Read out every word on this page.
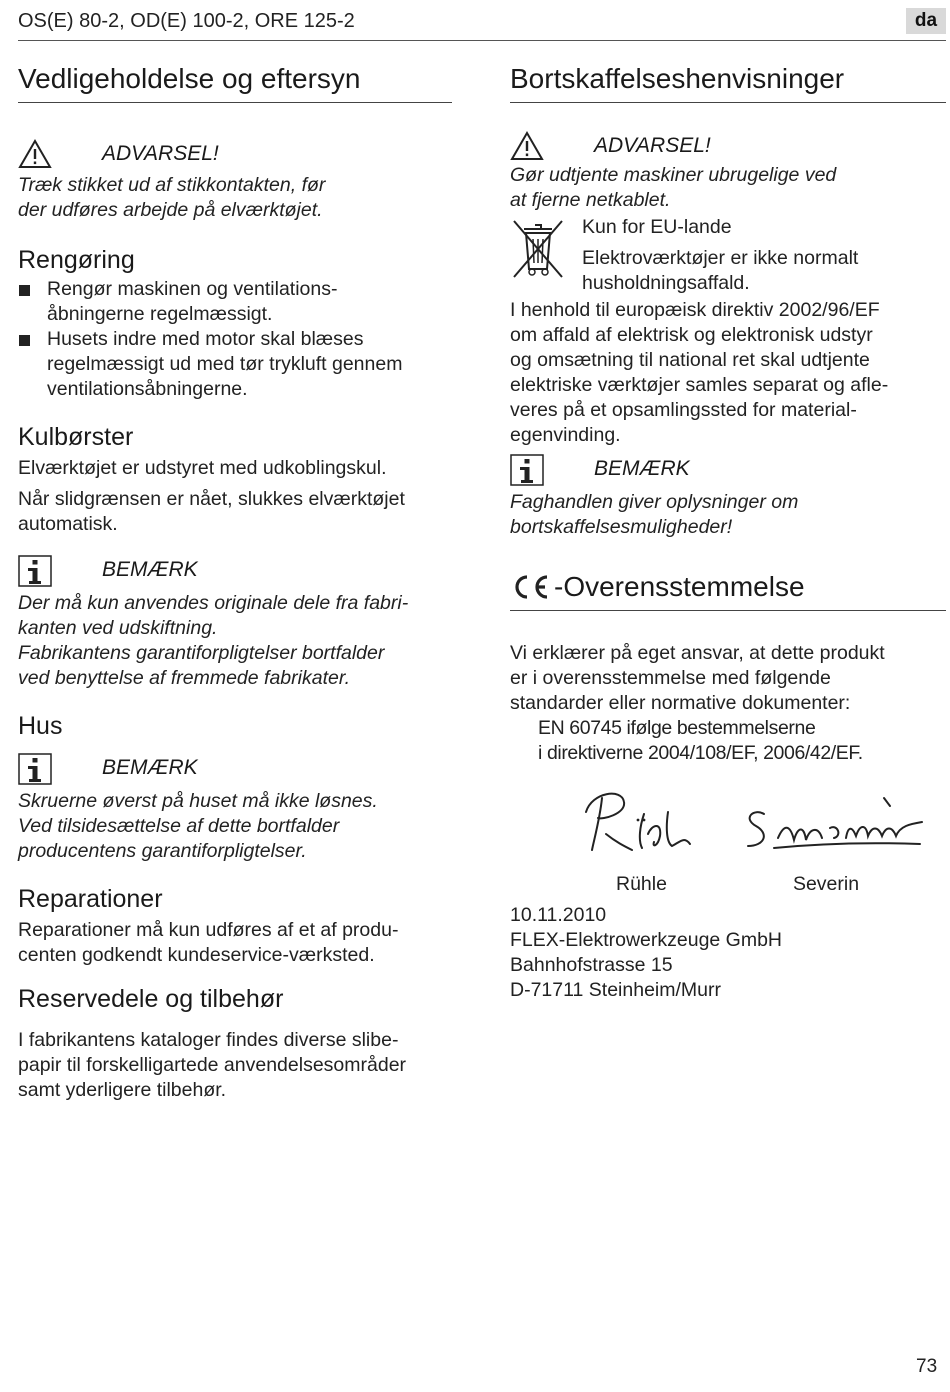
OS(E) 80-2, OD(E) 100-2, ORE 125-2	da
Vedligeholdelse og eftersyn
ADVARSEL!

Træk stikket ud af stikkontakten, før

der udføres arbejde på elværktøjet.

Rengøring
Rengør maskinen og ventilations-
åbningerne regelmæssigt.
Husets indre med motor skal blæses
regelmæssigt ud med tør trykluft gennem
ventilationsåbningerne.
Kulbørster

Elværktøjet er udstyret med udkoblingskul.

Når slidgrænsen er nået, slukkes elværktøjet

automatisk.

BEMÆRK

Der må kun anvendes originale dele fra fabri-

kanten ved udskiftning.

Fabrikantens garantiforpligtelser bortfalder

ved benyttelse af fremmede fabrikater.

Hus
BEMÆRK

Skruerne øverst på huset må ikke løsnes.

Ved tilsidesættelse af dette bortfalder

producentens garantiforpligtelser.

Reparationer

Reparationer må kun udføres af et af produ-

centen godkendt kundeservice-værksted.

Reservedele og tilbehør

I fabrikantens kataloger findes diverse slibe-

papir til forskelligartede anvendelsesområder

samt yderligere tilbehør.

Bortskaffelseshenvisninger
ADVARSEL!

Gør udtjente maskiner ubrugelige ved

at fjerne netkablet.

Kun for EU-lande

Elektroværktøjer er ikke normalt

husholdningsaffald.

I henhold til europæisk direktiv 2002/96/EF

om affald af elektrisk og elektronisk udstyr

og omsætning til national ret skal udtjente

elektriske værktøjer samles separat og afle-

veres på et opsamlingssted for material-

egenvinding.

BEMÆRK

Faghandlen giver oplysninger om

bortskaffelsesmuligheder!

-Overensstemmelse

Vi erklærer på eget ansvar, at dette produkt

er i overensstemmelse med følgende

standarder eller normative dokumenter:

EN 60745 ifølge bestemmelserne

i direktiverne 2004/108/EF, 2006/42/EF.

Rühle	Severin

10.11.2010

FLEX-Elektrowerkzeuge GmbH

Bahnhofstrasse 15

D-71711 Steinheim/Murr

73
